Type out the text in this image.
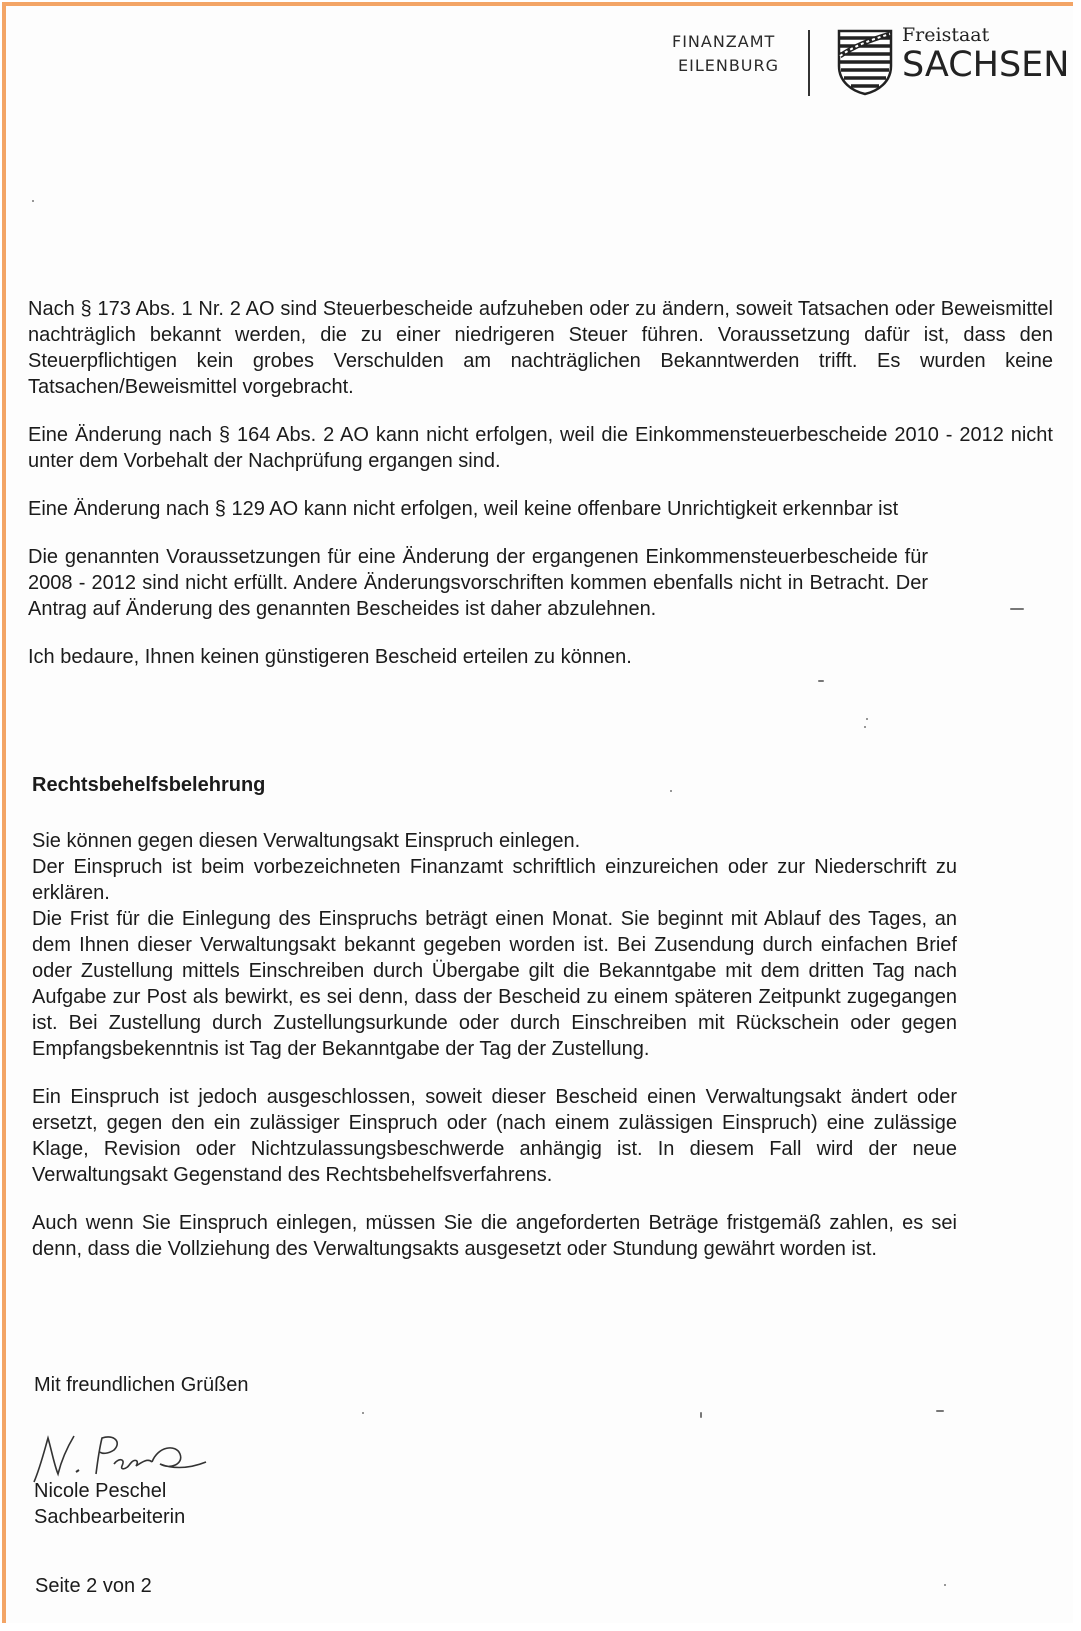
FINANZAMT
EILENBURG
Freistaat
SACHSEN

Nach § 173 Abs. 1 Nr. 2 AO sind Steuerbescheide aufzuheben oder zu ändern, soweit Tatsachen oder Beweismittel nachträglich bekannt werden, die zu einer niedrigeren Steuer führen. Voraussetzung dafür ist, dass den Steuerpflichtigen kein grobes Verschulden am nachträglichen Bekanntwerden trifft. Es wurden keine Tatsachen/Beweismittel vorgebracht.

Eine Änderung nach § 164 Abs. 2 AO kann nicht erfolgen, weil die Einkommensteuerbescheide 2010 - 2012 nicht unter dem Vorbehalt der Nachprüfung ergangen sind.

Eine Änderung nach § 129 AO kann nicht erfolgen, weil keine offenbare Unrichtigkeit erkennbar ist

Die genannten Voraussetzungen für eine Änderung der ergangenen Einkommensteuerbescheide für 2008 - 2012 sind nicht erfüllt. Andere Änderungsvorschriften kommen ebenfalls nicht in Betracht. Der Antrag auf Änderung des genannten Bescheides ist daher abzulehnen.

Ich bedaure, Ihnen keinen günstigeren Bescheid erteilen zu können.

Rechtsbehelfsbelehrung

Sie können gegen diesen Verwaltungsakt Einspruch einlegen.

Der Einspruch ist beim vorbezeichneten Finanzamt schriftlich einzureichen oder zur Niederschrift zu erklären.

Die Frist für die Einlegung des Einspruchs beträgt einen Monat. Sie beginnt mit Ablauf des Tages, an dem Ihnen dieser Verwaltungsakt bekannt gegeben worden ist. Bei Zusendung durch einfachen Brief oder Zustellung mittels Einschreiben durch Übergabe gilt die Bekanntgabe mit dem dritten Tag nach Aufgabe zur Post als bewirkt, es sei denn, dass der Bescheid zu einem späteren Zeitpunkt zugegangen ist. Bei Zustellung durch Zustellungsurkunde oder durch Einschreiben mit Rückschein oder gegen Empfangsbekenntnis ist Tag der Bekanntgabe der Tag der Zustellung.

Ein Einspruch ist jedoch ausgeschlossen, soweit dieser Bescheid einen Verwaltungsakt ändert oder ersetzt, gegen den ein zulässiger Einspruch oder (nach einem zulässigen Einspruch) eine zulässige Klage, Revision oder Nichtzulassungsbeschwerde anhängig ist. In diesem Fall wird der neue Verwaltungsakt Gegenstand des Rechtsbehelfsverfahrens.

Auch wenn Sie Einspruch einlegen, müssen Sie die angeforderten Beträge fristgemäß zahlen, es sei denn, dass die Vollziehung des Verwaltungsakts ausgesetzt oder Stundung gewährt worden ist.

Mit freundlichen Grüßen
Nicole Peschel
Sachbearbeiterin
Seite 2 von 2
